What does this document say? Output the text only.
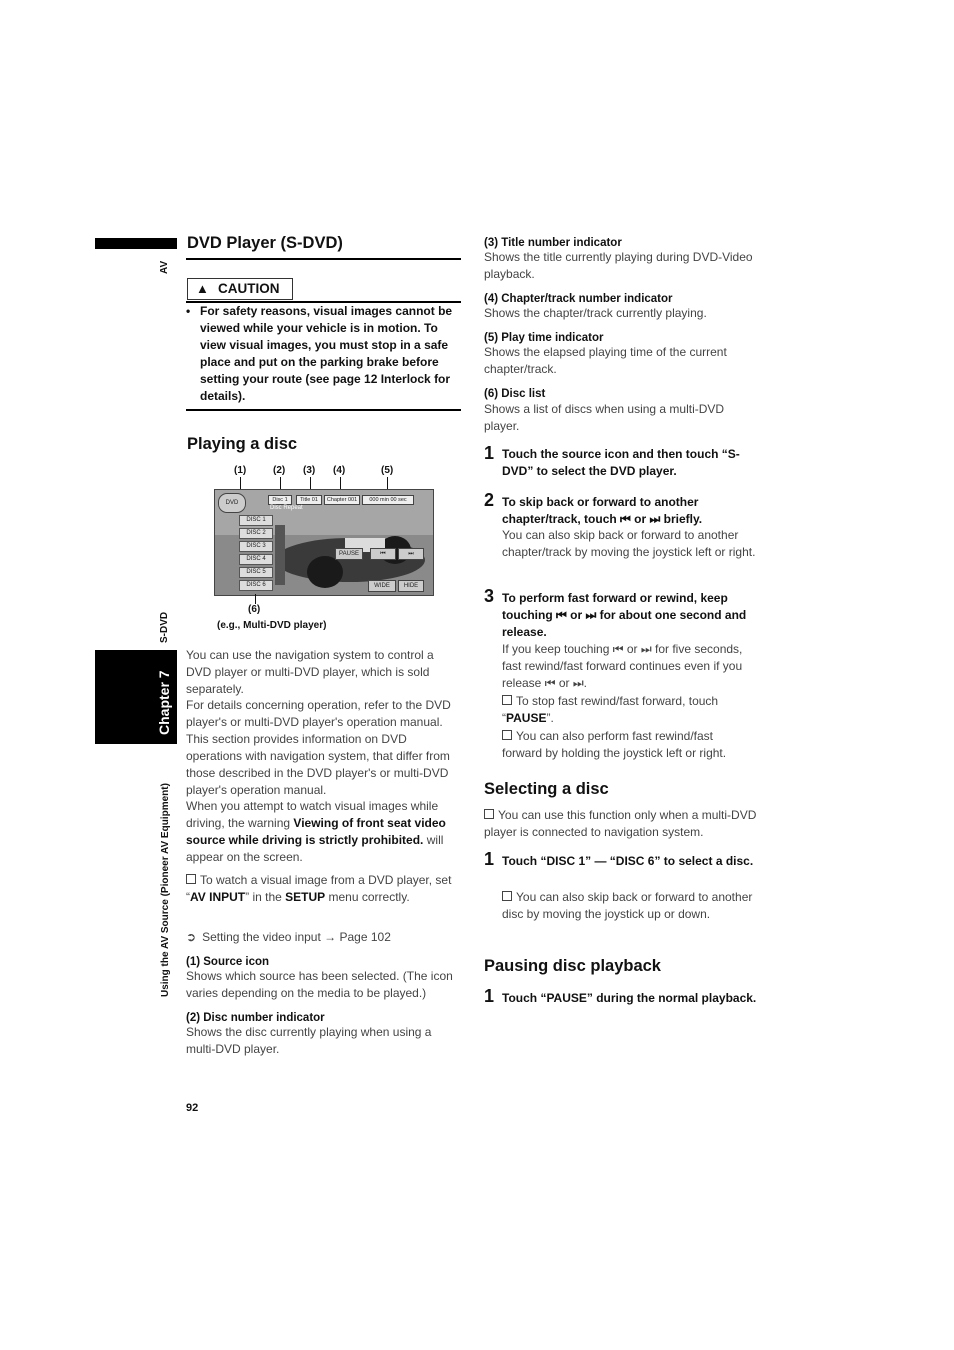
AV
S-DVD
Chapter 7
Using the AV Source (Pioneer AV Equipment)
DVD Player (S-DVD)
▲ CAUTION
• For safety reasons, visual images cannot be viewed while your vehicle is in motion. To view visual images, you must stop in a safe place and put on the parking brake before setting your route (see page 12 Interlock for details).
Playing a disc
(1)	(2) (3) (4)	(5)
DVD	Disc 1	Title 01	Chapter 001	000 min 00 sec
Disc Repeat
DISC 1
DISC 2
DISC 3
DISC 4
DISC 5
DISC 6
PAUSE	⏮	⏭
WIDE	HIDE
(6)
(e.g., Multi-DVD player)
You can use the navigation system to control a DVD player or multi-DVD player, which is sold separately.
For details concerning operation, refer to the DVD player's or multi-DVD player's operation manual. This section provides information on DVD operations with navigation system, that differ from those described in the DVD player's or multi-DVD player's operation manual.
When you attempt to watch visual images while driving, the warning Viewing of front seat video source while driving is strictly prohibited. will appear on the screen.
To watch a visual image from a DVD player, set “AV INPUT” in the SETUP menu correctly.
➲ Setting the video input → Page 102
(1) Source icon
Shows which source has been selected. (The icon varies depending on the media to be played.)
(2) Disc number indicator
Shows the disc currently playing when using a multi-DVD player.
92
(3) Title number indicator
Shows the title currently playing during DVD-Video playback.
(4) Chapter/track number indicator
Shows the chapter/track currently playing.
(5) Play time indicator
Shows the elapsed playing time of the current chapter/track.
(6) Disc list
Shows a list of discs when using a multi-DVD player.
1 Touch the source icon and then touch “S-DVD” to select the DVD player.
2 To skip back or forward to another chapter/track, touch ⏮ or ⏭ briefly.
You can also skip back or forward to another chapter/track by moving the joystick left or right.
3 To perform fast forward or rewind, keep touching ⏮ or ⏭ for about one second and release.
If you keep touching ⏮ or ⏭ for five seconds, fast rewind/fast forward continues even if you release ⏮ or ⏭.
To stop fast rewind/fast forward, touch “PAUSE”.
You can also perform fast rewind/fast forward by holding the joystick left or right.
Selecting a disc
You can use this function only when a multi-DVD player is connected to navigation system.
1 Touch “DISC 1” — “DISC 6” to select a disc.
You can also skip back or forward to another disc by moving the joystick up or down.
Pausing disc playback
1 Touch “PAUSE” during the normal playback.
